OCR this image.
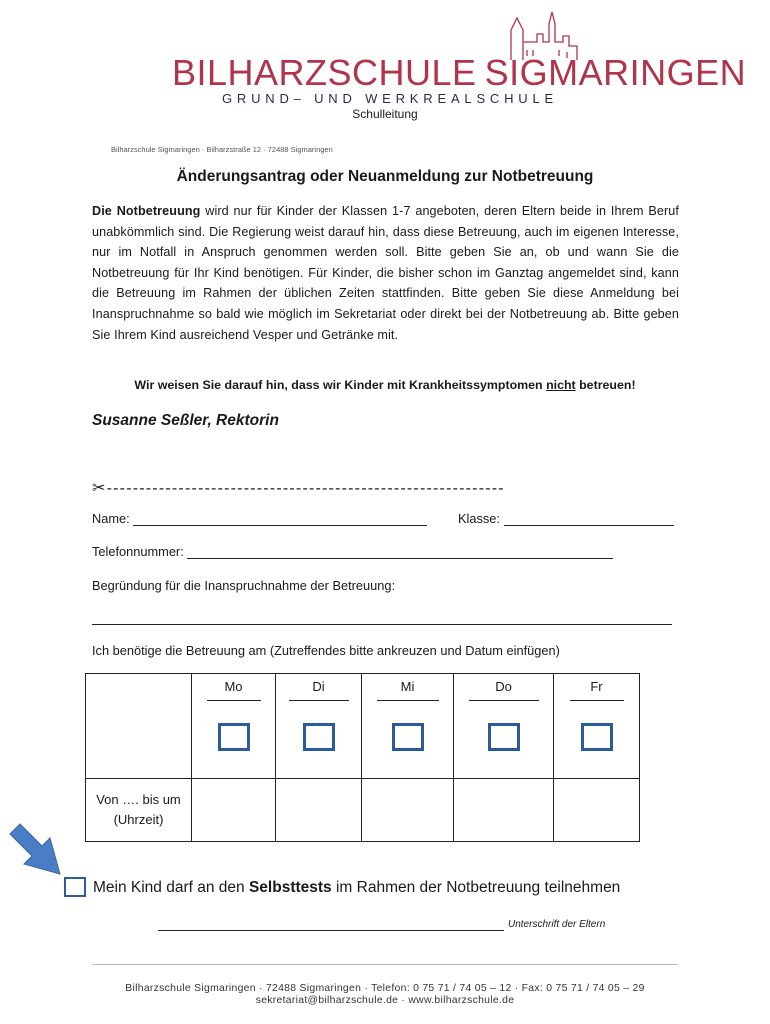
BILHARZSCHULE SIGMARINGEN
GRUND– UND WERKREALSCHULE
Schulleitung
Bilharzschule Sigmaringen · Bilharzstraße 12 · 72488 Sigmaringen
Änderungsantrag oder Neuanmeldung zur Notbetreuung
Die Notbetreuung wird nur für Kinder der Klassen 1-7 angeboten, deren Eltern beide in Ihrem Beruf unabkömmlich sind. Die Regierung weist darauf hin, dass diese Betreuung, auch im eigenen Interesse, nur im Notfall in Anspruch genommen werden soll. Bitte geben Sie an, ob und wann Sie die Notbetreuung für Ihr Kind benötigen. Für Kinder, die bisher schon im Ganztag angemeldet sind, kann die Betreuung im Rahmen der üblichen Zeiten stattfinden. Bitte geben Sie diese Anmeldung bei Inanspruchnahme so bald wie möglich im Sekretariat oder direkt bei der Notbetreuung ab. Bitte geben Sie Ihrem Kind ausreichend Vesper und Getränke mit.
Wir weisen Sie darauf hin, dass wir Kinder mit Krankheitssymptomen nicht betreuen!
Susanne Seßler, Rektorin
✂-------------------------------------------------------------
Name:	Klasse:
Telefonnummer:
Begründung für die Inanspruchnahme der Betreuung:
Ich benötige die Betreuung am (Zutreffendes bitte ankreuzen und Datum einfügen)

	Mo	Di	Mi	Do	Fr

Von …. bis um
(Uhrzeit)					

Mein Kind darf an den Selbsttests im Rahmen der Notbetreuung teilnehmen
Unterschrift der Eltern
Bilharzschule Sigmaringen · 72488 Sigmaringen · Telefon: 0 75 71 / 74 05 – 12 · Fax: 0 75 71 / 74 05 – 29
sekretariat@bilharzschule.de · www.bilharzschule.de
